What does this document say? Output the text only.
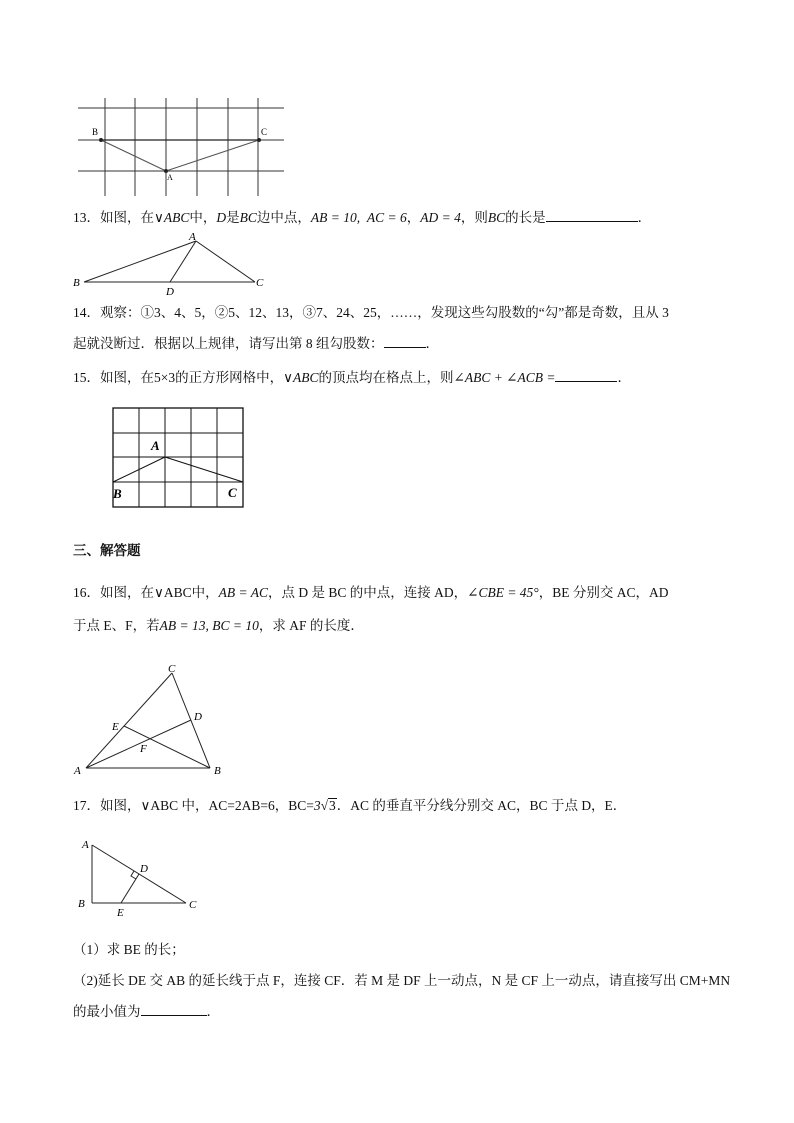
B	C
A
13．如图，在∨ABC中，D是BC边中点，AB = 10, AC = 6，AD = 4，则BC的长是	．
A
B	C
D
14．观察：①3、4、5，②5、12、13，③7、24、25，……，发现这些勾股数的“勾”都是奇数，且从 3
起就没断过．根据以上规律，请写出第 8 组勾股数：	．
15．如图，在5×3的正方形网格中，∨ABC的顶点均在格点上，则∠ABC + ∠ACB =	．
A
B	C
三、解答题
16．如图，在∨ABC中，AB = AC，点 D 是 BC 的中点，连接 AD，∠CBE = 45°，BE 分别交 AC，AD
于点 E、F，若AB = 13, BC = 10，求 AF 的长度．
C
D
E
F
A	B
17．如图，∨ABC 中，AC=2AB=6，BC=3√3．AC 的垂直平分线分别交 AC，BC 于点 D，E．
A
D
B
E
C
（1）求 BE 的长；
（2)延长 DE 交 AB 的延长线于点 F，连接 CF．若 M 是 DF 上一动点，N 是 CF 上一动点，请直接写出 CM+MN
的最小值为	．
